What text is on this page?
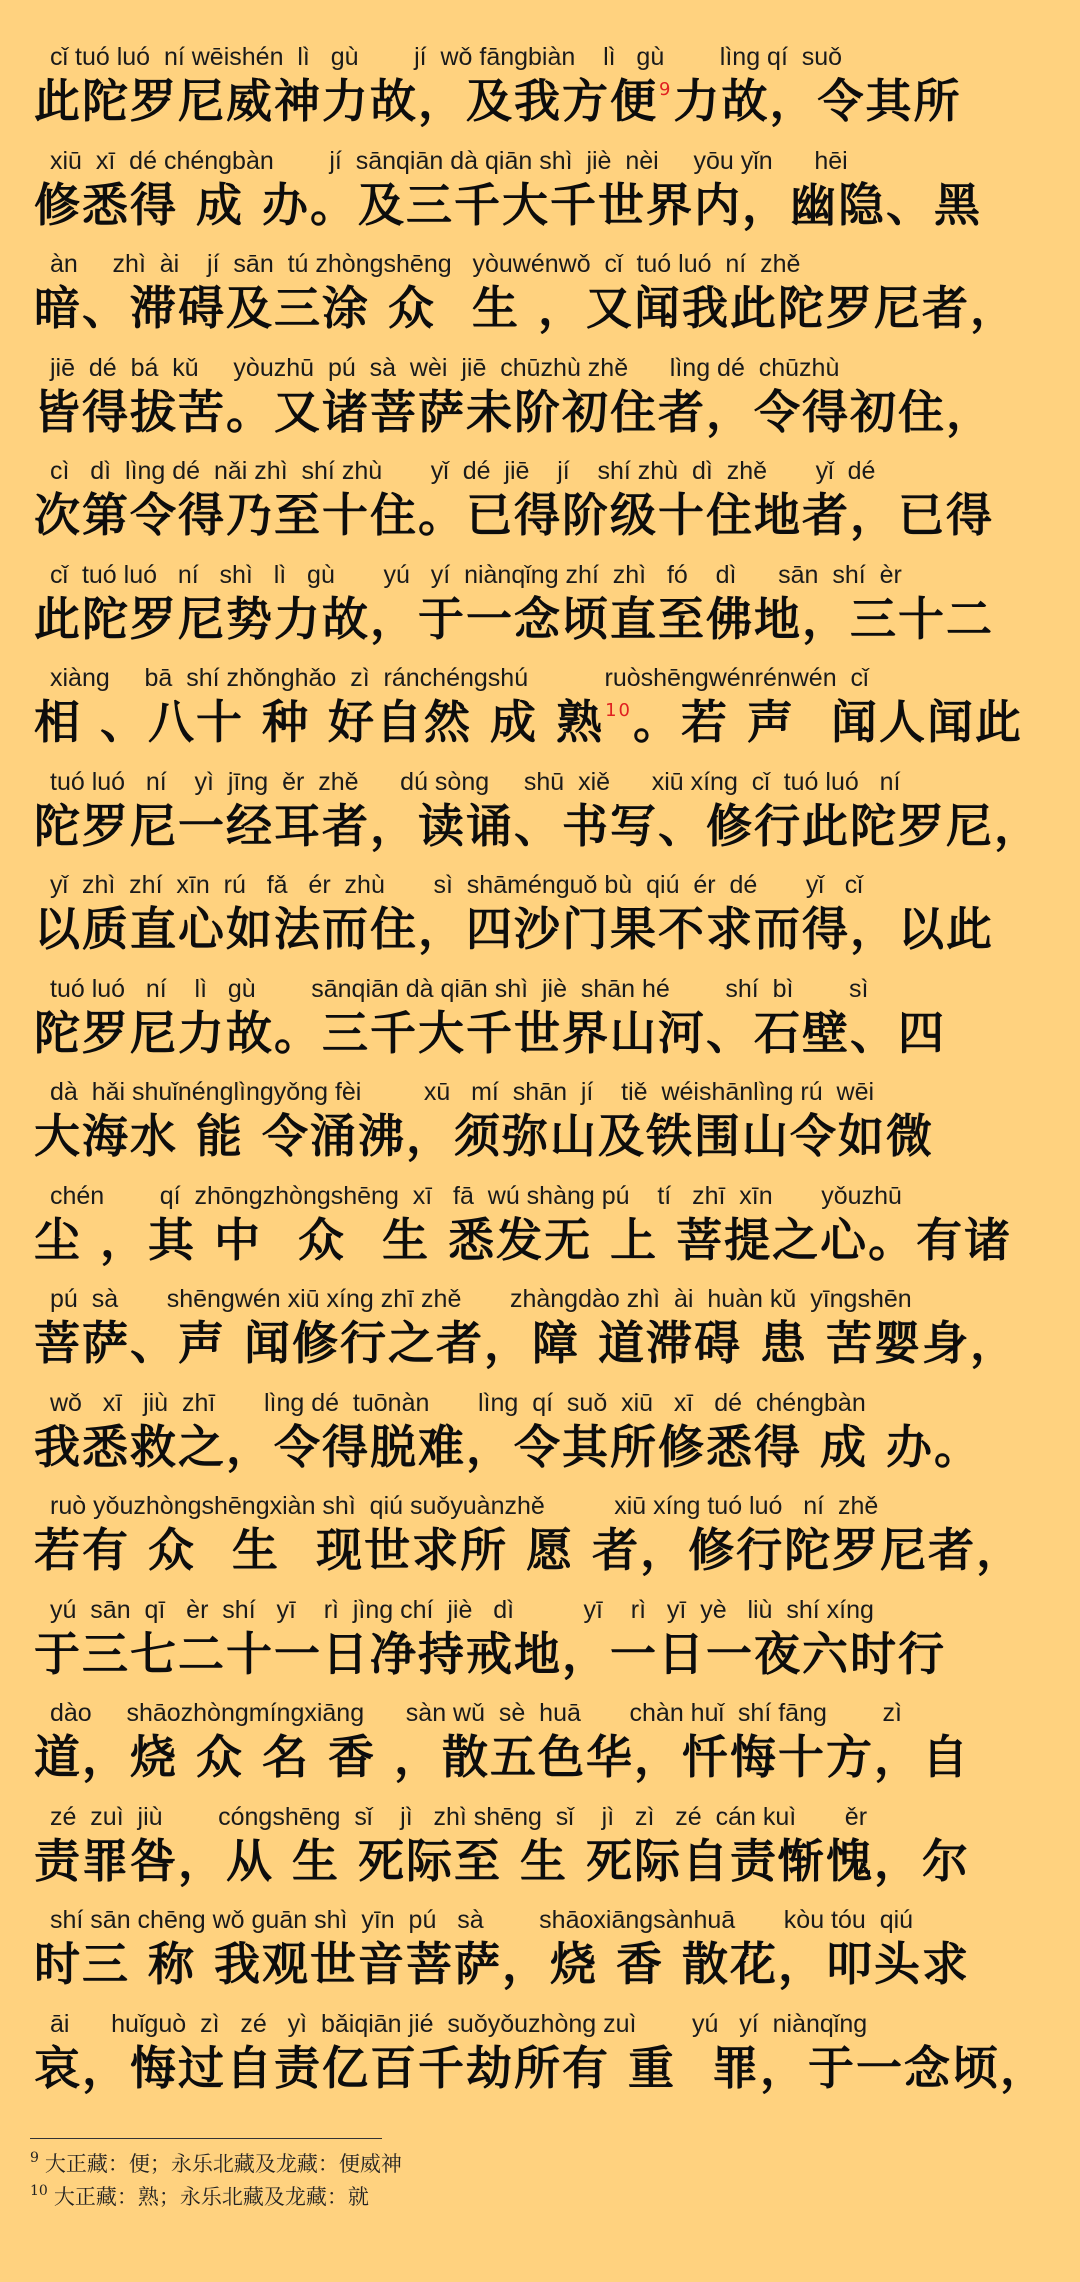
cǐ tuó luó  ní wēishén  lì   gù        jí  wǒ fāngbiàn    lì   gù        lìng qí  suǒ
此陀罗尼威神力故，及我方便$^9$力故，令其所
xiū  xī  dé chéngbàn        jí  sānqiān dà qiān shì  jiè  nèi     yōu yǐn      hēi
修悉得 成 办。及三千大千世界内，幽隐、黑
àn     zhì  ài    jí  sān  tú zhòngshēng   yòuwénwǒ  cǐ  tuó luó  ní  zhě
暗、滞碍及三涂 众  生 ，又闻我此陀罗尼者，
jiē  dé  bá  kǔ     yòuzhū  pú  sà  wèi  jiē  chūzhù zhě      lìng dé  chūzhù
皆得拔苦。又诸菩萨未阶初住者，令得初住，
cì   dì  lìng dé  nǎi zhì  shí zhù       yǐ  dé  jiē    jí    shí zhù  dì  zhě       yǐ  dé
次第令得乃至十住。已得阶级十住地者，已得
cǐ  tuó luó   ní   shì   lì   gù       yú   yí  niànqǐng zhí  zhì   fó    dì      sān  shí  èr
此陀罗尼势力故，于一念顷直至佛地，三十二
xiàng     bā  shí zhǒnghǎo  zì  ránchéngshú           ruòshēngwénrénwén  cǐ
相 、八十 种 好自然 成 熟$^{10}$。若 声  闻人闻此
tuó luó   ní    yì  jīng  ěr  zhě      dú sòng     shū  xiě      xiū xíng  cǐ  tuó luó   ní
陀罗尼一经耳者，读诵、书写、修行此陀罗尼，
yǐ  zhì  zhí  xīn  rú   fǎ   ér  zhù       sì  shāménguǒ bù  qiú  ér  dé       yǐ   cǐ
以质直心如法而住，四沙门果不求而得，以此
tuó luó   ní    lì   gù        sānqiān dà qiān shì  jiè  shān hé        shí  bì        sì
陀罗尼力故。三千大千世界山河、石壁、四
dà  hǎi shuǐnénglìngyǒng fèi         xū   mí  shān  jí    tiě  wéishānlìng rú  wēi
大海水 能 令涌沸，须弥山及铁围山令如微
chén        qí  zhōngzhòngshēng  xī   fā  wú shàng pú    tí   zhī  xīn       yǒuzhū
尘 ，其 中  众  生 悉发无 上 菩提之心。有诸
pú  sà       shēngwén xiū xíng zhī zhě       zhàngdào zhì  ài  huàn kǔ  yīngshēn
菩萨、声 闻修行之者，障 道滞碍 患 苦婴身，
wǒ   xī   jiù  zhī       lìng dé  tuōnàn       lìng  qí  suǒ  xiū   xī   dé  chéngbàn
我悉救之，令得脱难，令其所修悉得 成 办。
ruò yǒuzhòngshēngxiàn shì  qiú suǒyuànzhě          xiū xíng tuó luó   ní  zhě
若有 众  生  现世求所 愿 者，修行陀罗尼者，
yú  sān  qī   èr  shí   yī    rì  jìng chí  jiè   dì          yī    rì   yī  yè   liù  shí xíng
于三七二十一日净持戒地，一日一夜六时行
dào     shāozhòngmíngxiāng      sàn wǔ  sè  huā       chàn huǐ  shí fāng        zì
道，烧 众 名 香 ，散五色华，忏悔十方，自
zé  zuì  jiù        cóngshēng  sǐ    jì   zhì shēng  sǐ    jì   zì   zé  cán kuì       ěr
责罪咎，从 生 死际至 生 死际自责惭愧，尔
shí sān chēng wǒ guān shì  yīn  pú   sà        shāoxiāngsànhuā       kòu tóu  qiú
时三 称 我观世音菩萨，烧 香 散花，叩头求
āi      huǐguò  zì   zé   yì  bǎiqiān jié  suǒyǒuzhòng zuì        yú   yí  niànqǐng
哀，悔过自责亿百千劫所有 重  罪，于一念顷，
$^9$ 大正藏：便；永乐北藏及龙藏：便威神
$^{10}$ 大正藏：熟；永乐北藏及龙藏：就
